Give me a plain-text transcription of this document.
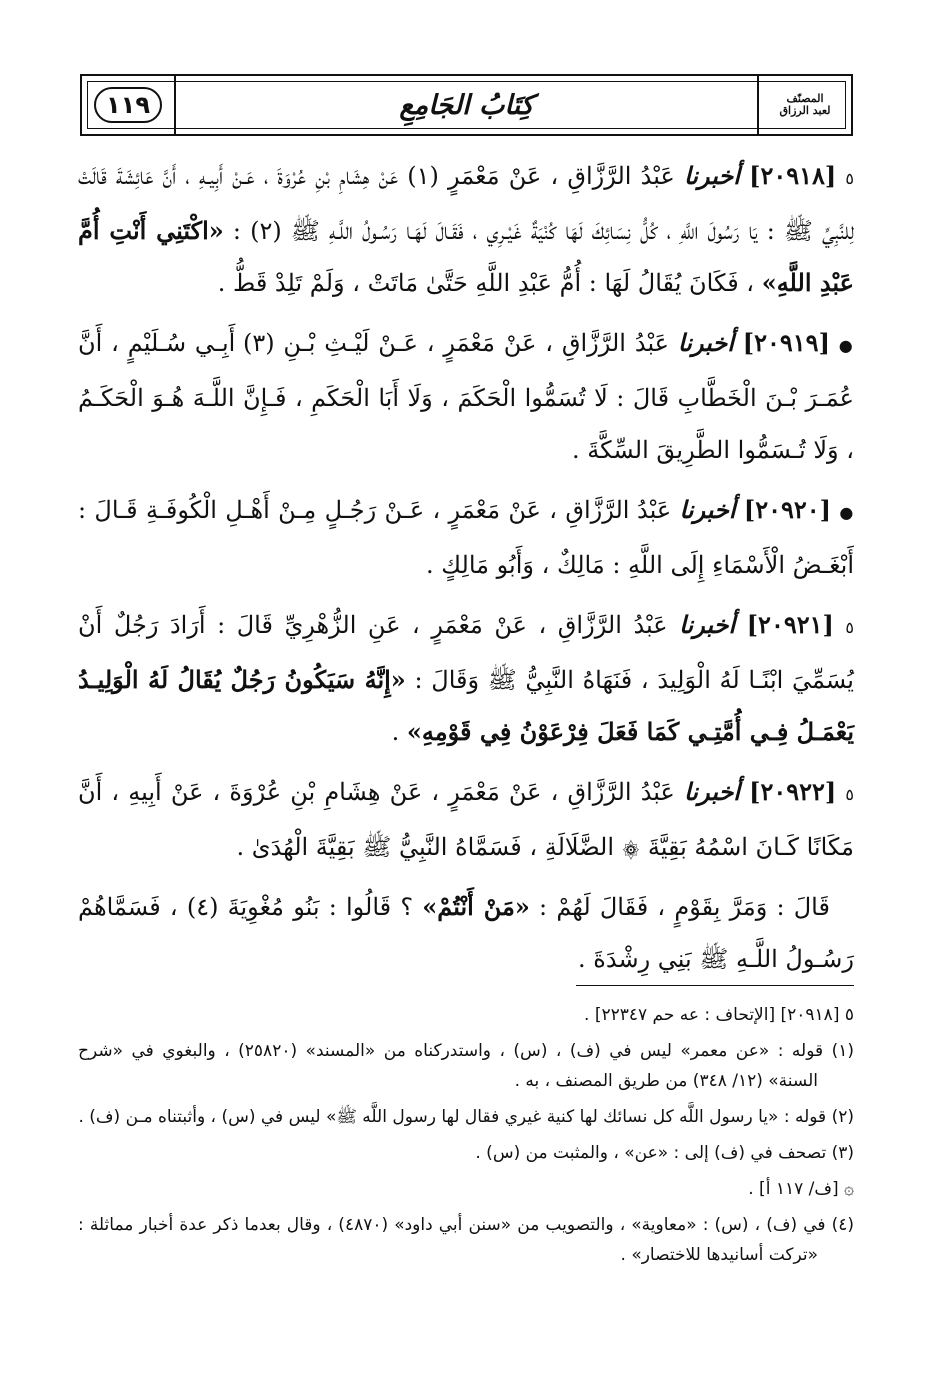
المصنّف
لعبد الرزاق
كِتَابُ الجَامِعِ
١١٩

٥ [٢٠٩١٨] أخبرنا عَبْدُ الرَّزَّاقِ ، عَنْ مَعْمَرٍ (١) عَنْ هِشَامِ بْنِ عُرْوَةَ ، عَـنْ أَبِيـهِ ، أَنَّ عَائِشَةَ قَالَتْ لِلنَّبِيِّ ﷺ : يَا رَسُولَ اللَّهِ ، كُلُّ نِسَائِكَ لَهَا كُنْيَةٌ غَيْـرِي ، فَقَـالَ لَهَـا رَسُـولُ اللَّـهِ ﷺ (٢) : «اكْتَنِي أَنْتِ أُمَّ عَبْدِ اللَّهِ» ، فَكَانَ يُقَالُ لَهَا : أُمُّ عَبْدِ اللَّهِ حَتَّىٰ مَاتَتْ ، وَلَمْ تَلِدْ قَطُّ .

● [٢٠٩١٩] أخبرنا عَبْدُ الرَّزَّاقِ ، عَنْ مَعْمَرٍ ، عَـنْ لَيْـثِ بْـنِ (٣) أَبِـي سُـلَيْمٍ ، أَنَّ عُمَـرَ بْـنَ الْخَطَّابِ قَالَ : لَا تُسَمُّوا الْحَكَمَ ، وَلَا أَبَا الْحَكَمِ ، فَـإِنَّ اللَّـهَ هُـوَ الْحَكَـمُ ، وَلَا تُـسَمُّوا الطَّرِيقَ السِّكَّةَ .

● [٢٠٩٢٠] أخبرنا عَبْدُ الرَّزَّاقِ ، عَنْ مَعْمَرٍ ، عَـنْ رَجُـلٍ مِـنْ أَهْـلِ الْكُوفَـةِ قَـالَ : أَبْغَـضُ الْأَسْمَاءِ إِلَى اللَّهِ : مَالِكٌ ، وَأَبُو مَالِكٍ .

٥ [٢٠٩٢١] أخبرنا عَبْدُ الرَّزَّاقِ ، عَنْ مَعْمَرٍ ، عَنِ الزُّهْرِيِّ قَالَ : أَرَادَ رَجُلٌ أَنْ يُسَمِّيَ ابْنًـا لَهُ الْوَلِيدَ ، فَنَهَاهُ النَّبِيُّ ﷺ وَقَالَ : «إِنَّهُ سَيَكُونُ رَجُلٌ يُقَالُ لَهُ الْوَلِيـدُ يَعْمَـلُ فِـي أُمَّتِـي كَمَا فَعَلَ فِرْعَوْنُ فِي قَوْمِهِ» .

٥ [٢٠٩٢٢] أخبرنا عَبْدُ الرَّزَّاقِ ، عَنْ مَعْمَرٍ ، عَنْ هِشَامِ بْنِ عُرْوَةَ ، عَنْ أَبِيهِ ، أَنَّ مَكَانًا كَـانَ اسْمُهُ بَقِيَّةَ ۞ الضَّلَالَةِ ، فَسَمَّاهُ النَّبِيُّ ﷺ بَقِيَّةَ الْهُدَىٰ .

قَالَ : وَمَرَّ بِقَوْمٍ ، فَقَالَ لَهُمْ : «مَنْ أَنْتُمْ» ؟ قَالُوا : بَنُو مُغْوِيَةَ (٤) ، فَسَمَّاهُمْ رَسُـولُ اللَّـهِ ﷺ بَنِي رِشْدَةَ .

٥ [٢٠٩١٨] [الإتحاف : عه حم ٢٢٣٤٧] .

(١) قوله : «عن معمر» ليس في (ف) ، (س) ، واستدركناه من «المسند» (٢٥٨٢٠) ، والبغوي في «شرح السنة» (١٢/ ٣٤٨) من طريق المصنف ، به .

(٢) قوله : «يا رسول اللَّه كل نسائك لها كنية غيري فقال لها رسول اللَّه ﷺ» ليس في (س) ، وأثبتناه مـن (ف) .

(٣) تصحف في (ف) إلى : «عن» ، والمثبت من (س) .

۞ [ف/ ١١٧ أ] .

(٤) في (ف) ، (س) : «معاوية» ، والتصويب من «سنن أبي داود» (٤٨٧٠) ، وقال بعدما ذكر عدة أخبار مماثلة : «تركت أسانيدها للاختصار» .
